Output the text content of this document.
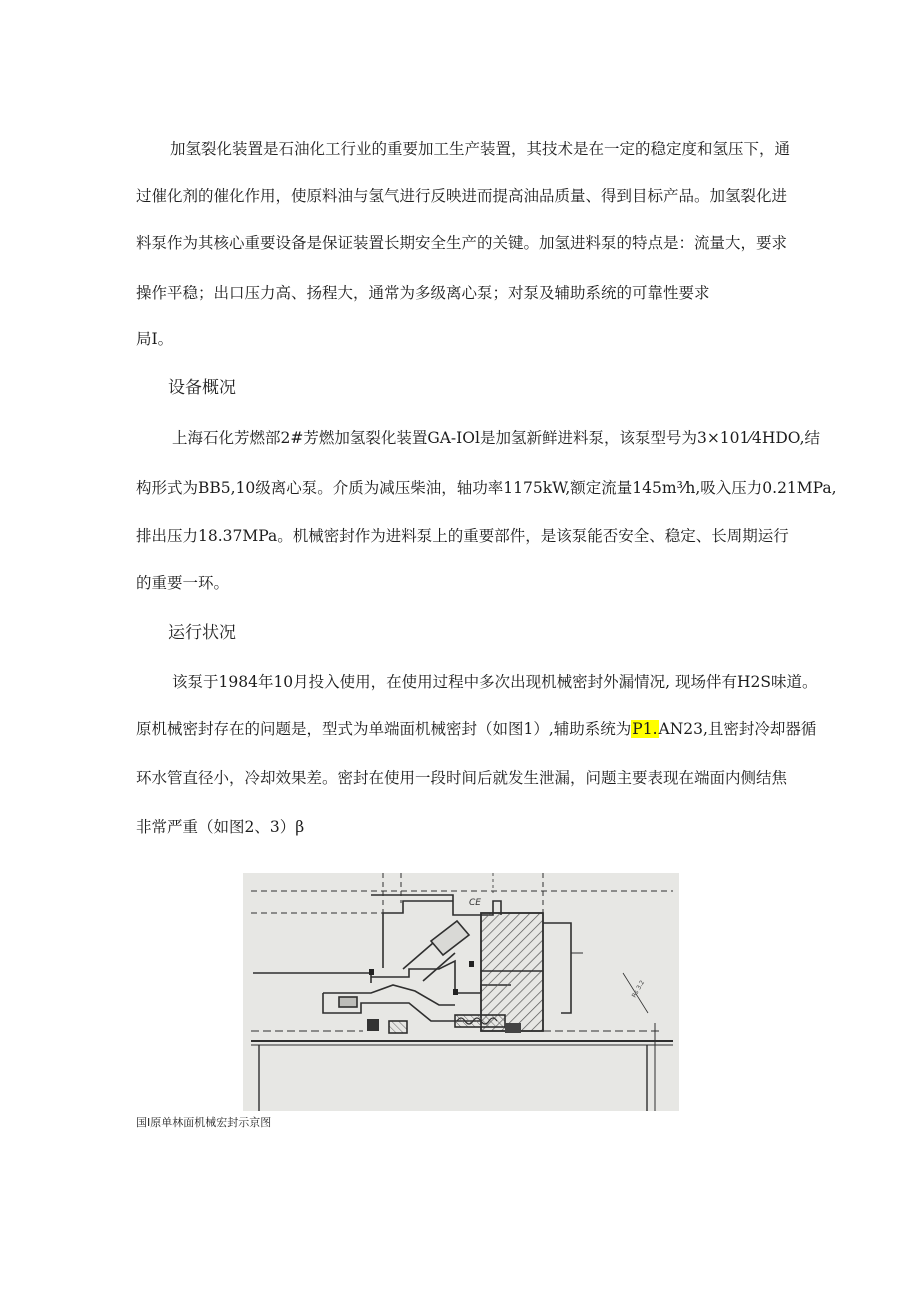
加氢裂化装置是石油化工行业的重要加工生产装置，其技术是在一定的稳定度和氢压下，通
过催化剂的催化作用，使原料油与氢气进行反映进而提高油品质量、得到目标产品。加氢裂化进
料泵作为其核心重要设备是保证装置长期安全生产的关键。加氢进料泵的特点是：流量大，要求
操作平稳；出口压力高、扬程大，通常为多级离心泵；对泵及辅助系统的可靠性要求
局I。
设备概况
上海石化芳燃部2#芳燃加氢裂化装置GA-IOl是加氢新鲜进料泵，该泵型号为3×101⁄4HDO,结
构形式为BB5,10级离心泵。介质为减压柴油，轴功率1175kW,额定流量145m³⁄h,吸入压力0.21MPa,
排出压力18.37MPa。机械密封作为进料泵上的重要部件，是该泵能否安全、稳定、长周期运行
的重要一环。
运行状况
该泵于1984年10月投入使用，在使用过程中多次出现机械密封外漏情况, 现场伴有H2S味道。
原机械密封存在的问题是，型式为单端面机械密封（如图1）,辅助系统为P1.AN23,且密封冷却器循
环水管直径小，冷却效果差。密封在使用一段时间后就发生泄漏，问题主要表现在端面内侧结焦
非常严重（如图2、3）β
CE
Rs 3.2
国I原单林面机械宏封示京图
